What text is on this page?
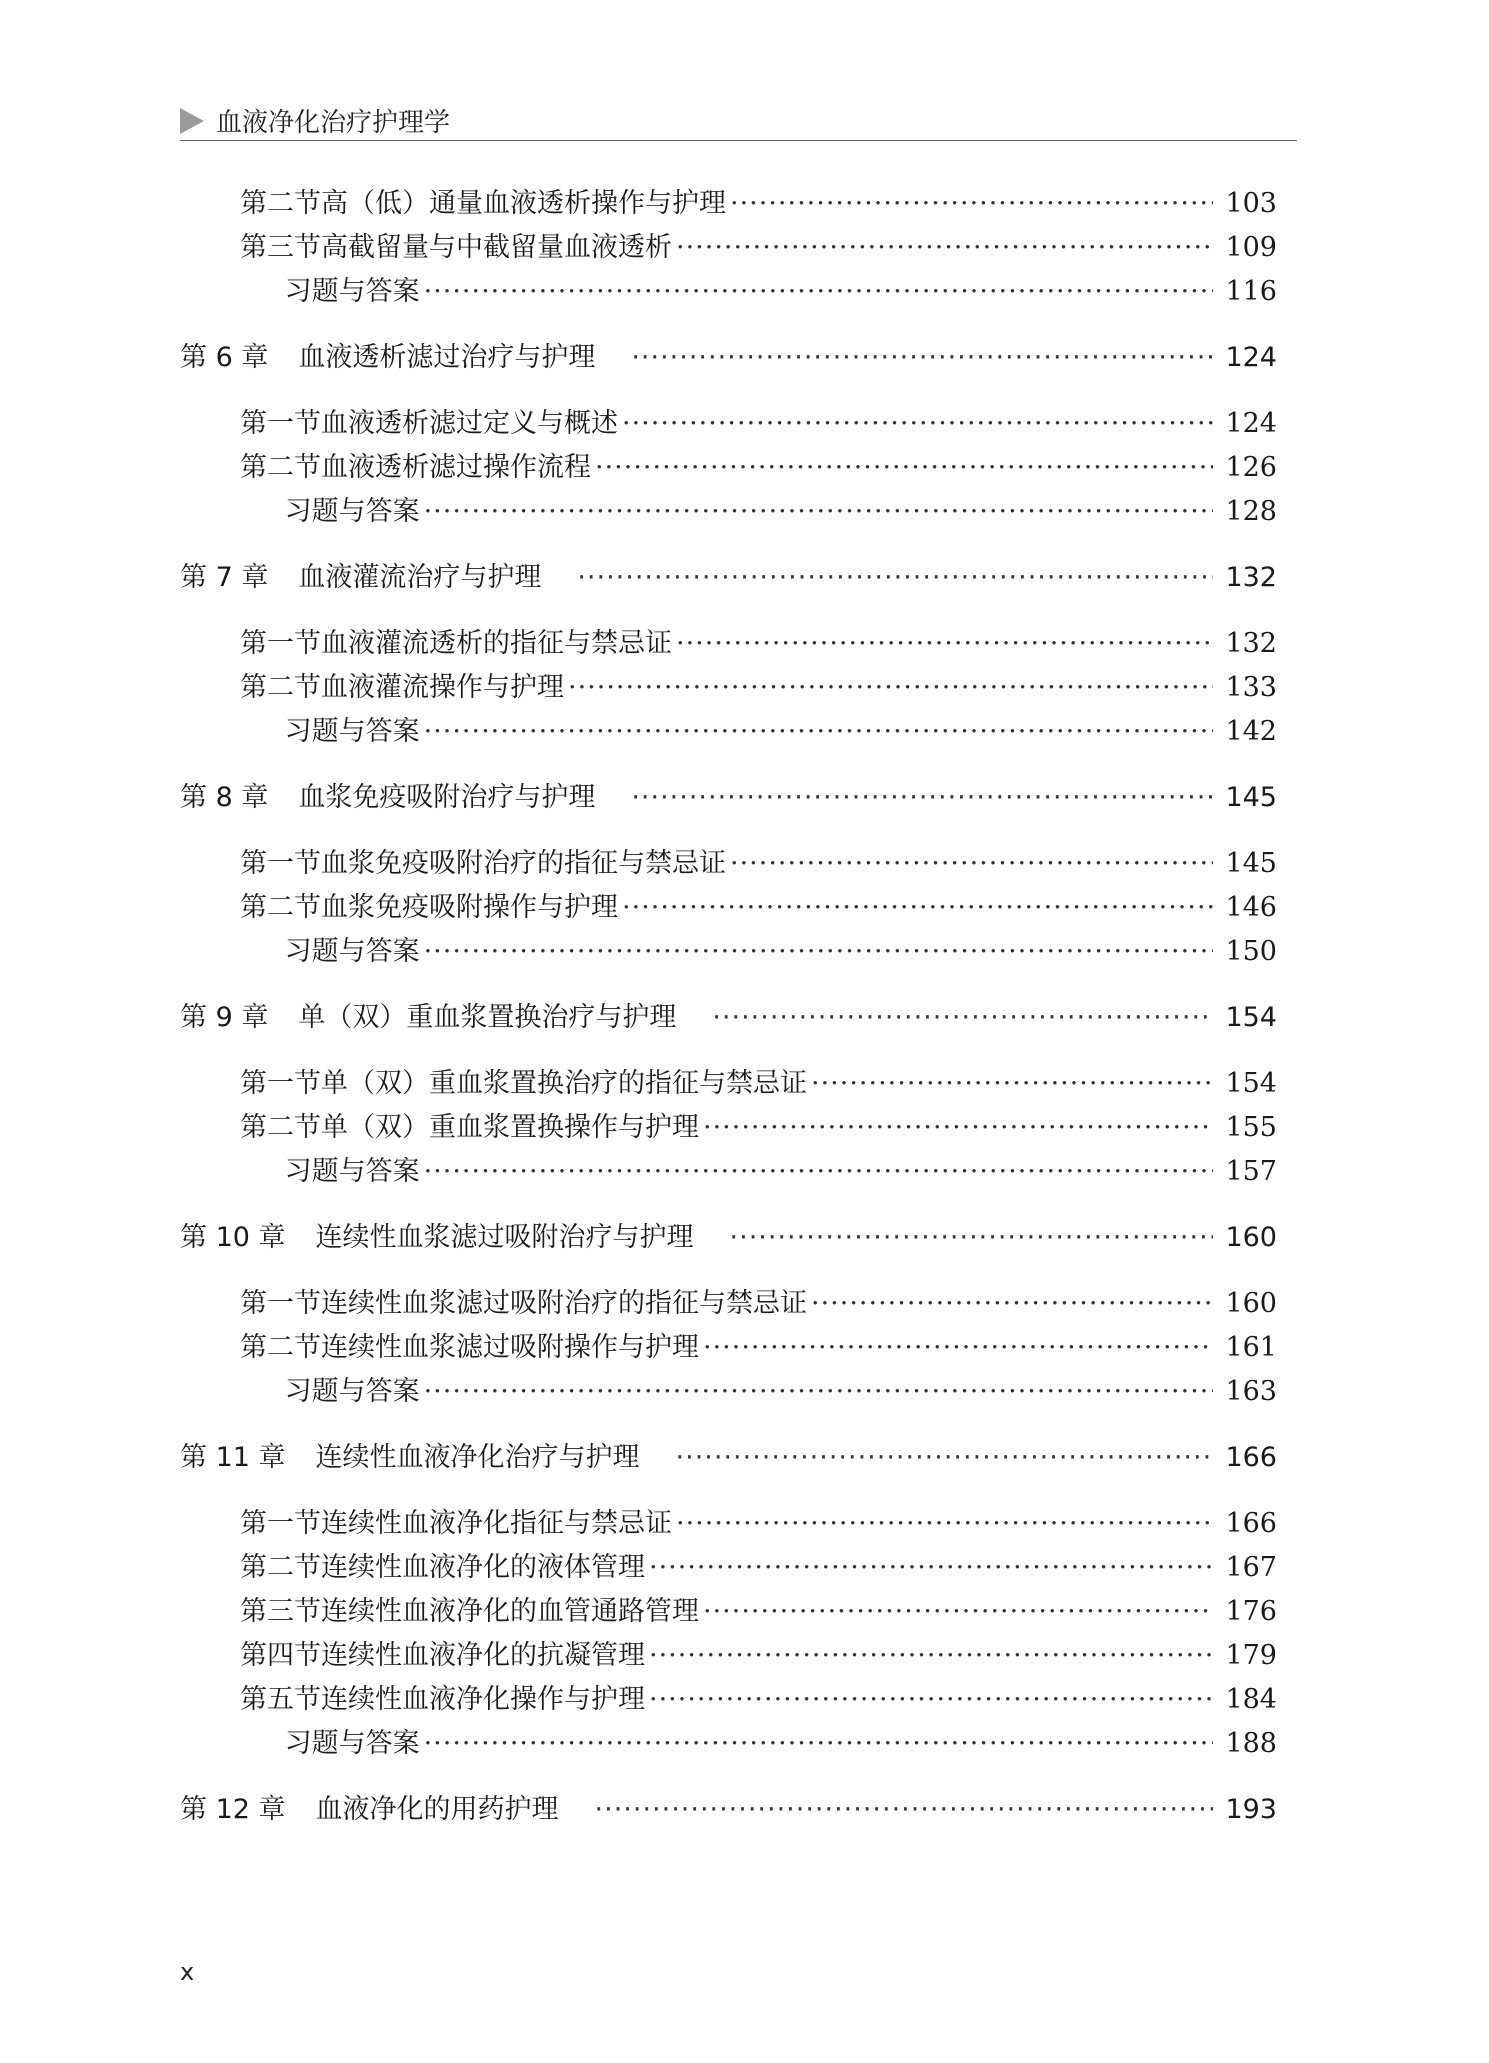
血液净化治疗护理学
第二节 高（低）通量血液透析操作与护理 ·····	103
第三节 高截留量与中截留量血液透析 ·····	109
习题与答案 ·····	116
第 6 章 血液透析滤过治疗与护理 ·····	124
第一节 血液透析滤过定义与概述 ·····	124
第二节 血液透析滤过操作流程 ·····	126
习题与答案 ·····	128
第 7 章 血液灌流治疗与护理 ·····	132
第一节 血液灌流透析的指征与禁忌证 ·····	132
第二节 血液灌流操作与护理 ·····	133
习题与答案 ·····	142
第 8 章 血浆免疫吸附治疗与护理 ·····	145
第一节 血浆免疫吸附治疗的指征与禁忌证 ·····	145
第二节 血浆免疫吸附操作与护理 ·····	146
习题与答案 ·····	150
第 9 章 单（双）重血浆置换治疗与护理 ·····	154
第一节 单（双）重血浆置换治疗的指征与禁忌证 ·····	154
第二节 单（双）重血浆置换操作与护理 ·····	155
习题与答案 ·····	157
第 10 章 连续性血浆滤过吸附治疗与护理 ·····	160
第一节 连续性血浆滤过吸附治疗的指征与禁忌证 ·····	160
第二节 连续性血浆滤过吸附操作与护理 ·····	161
习题与答案 ·····	163
第 11 章 连续性血液净化治疗与护理 ·····	166
第一节 连续性血液净化指征与禁忌证 ·····	166
第二节 连续性血液净化的液体管理 ·····	167
第三节 连续性血液净化的血管通路管理 ·····	176
第四节 连续性血液净化的抗凝管理 ·····	179
第五节 连续性血液净化操作与护理 ·····	184
习题与答案 ·····	188
第 12 章 血液净化的用药护理 ·····	193
x
